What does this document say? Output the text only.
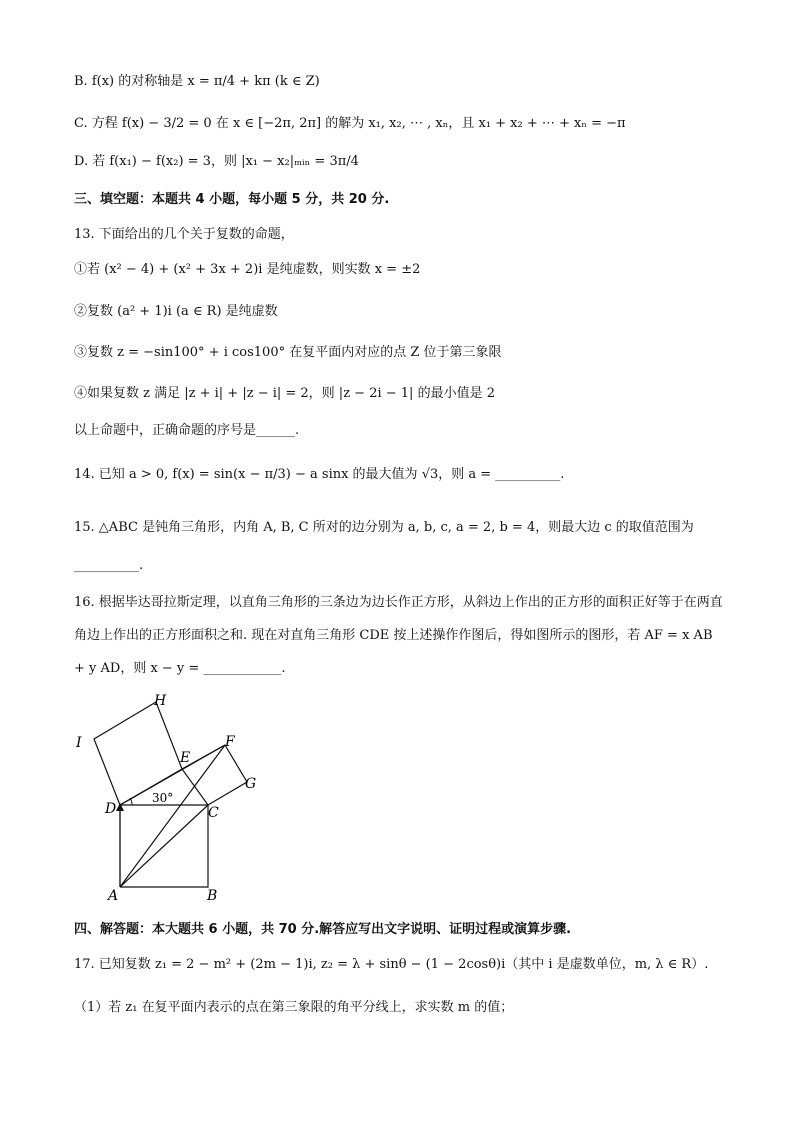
B. f(x) 的对称轴是 x = π/4 + kπ (k ∈ Z)
C. 方程 f(x) − 3/2 = 0 在 x ∈ [−2π, 2π] 的解为 x₁, x₂, ⋯ , xₙ，且 x₁ + x₂ + ⋯ + xₙ = −π
D. 若 f(x₁) − f(x₂) = 3，则 |x₁ − x₂|ₘᵢₙ = 3π/4
三、填空题：本题共 4 小题，每小题 5 分，共 20 分.
13. 下面给出的几个关于复数的命题，
①若 (x² − 4) + (x² + 3x + 2)i 是纯虚数，则实数 x = ±2
②复数 (a² + 1)i (a ∈ R) 是纯虚数
③复数 z = −sin100° + i cos100° 在复平面内对应的点 Z 位于第三象限
④如果复数 z 满足 |z + i| + |z − i| = 2，则 |z − 2i − 1| 的最小值是 2
以上命题中，正确命题的序号是______.
14. 已知 a > 0, f(x) = sin(x − π/3) − a sinx 的最大值为 √3，则 a = __________.
15. △ABC 是钝角三角形，内角 A, B, C 所对的边分别为 a, b, c, a = 2, b = 4，则最大边 c 的取值范围为
__________.
16. 根据毕达哥拉斯定理，以直角三角形的三条边为边长作正方形，从斜边上作出的正方形的面积正好等于在两直角边上作出的正方形面积之和. 现在对直角三角形 CDE 按上述操作作图后，得如图所示的图形，若 AF = x AB + y AD，则 x − y = ____________.
I
H
E
F
G
D	C
A	B
30°
四、解答题：本大题共 6 小题，共 70 分.解答应写出文字说明、证明过程或演算步骤.
17. 已知复数 z₁ = 2 − m² + (2m − 1)i, z₂ = λ + sinθ − (1 − 2cosθ)i（其中 i 是虚数单位，m, λ ∈ R）.
（1）若 z₁ 在复平面内表示的点在第三象限的角平分线上，求实数 m 的值；
